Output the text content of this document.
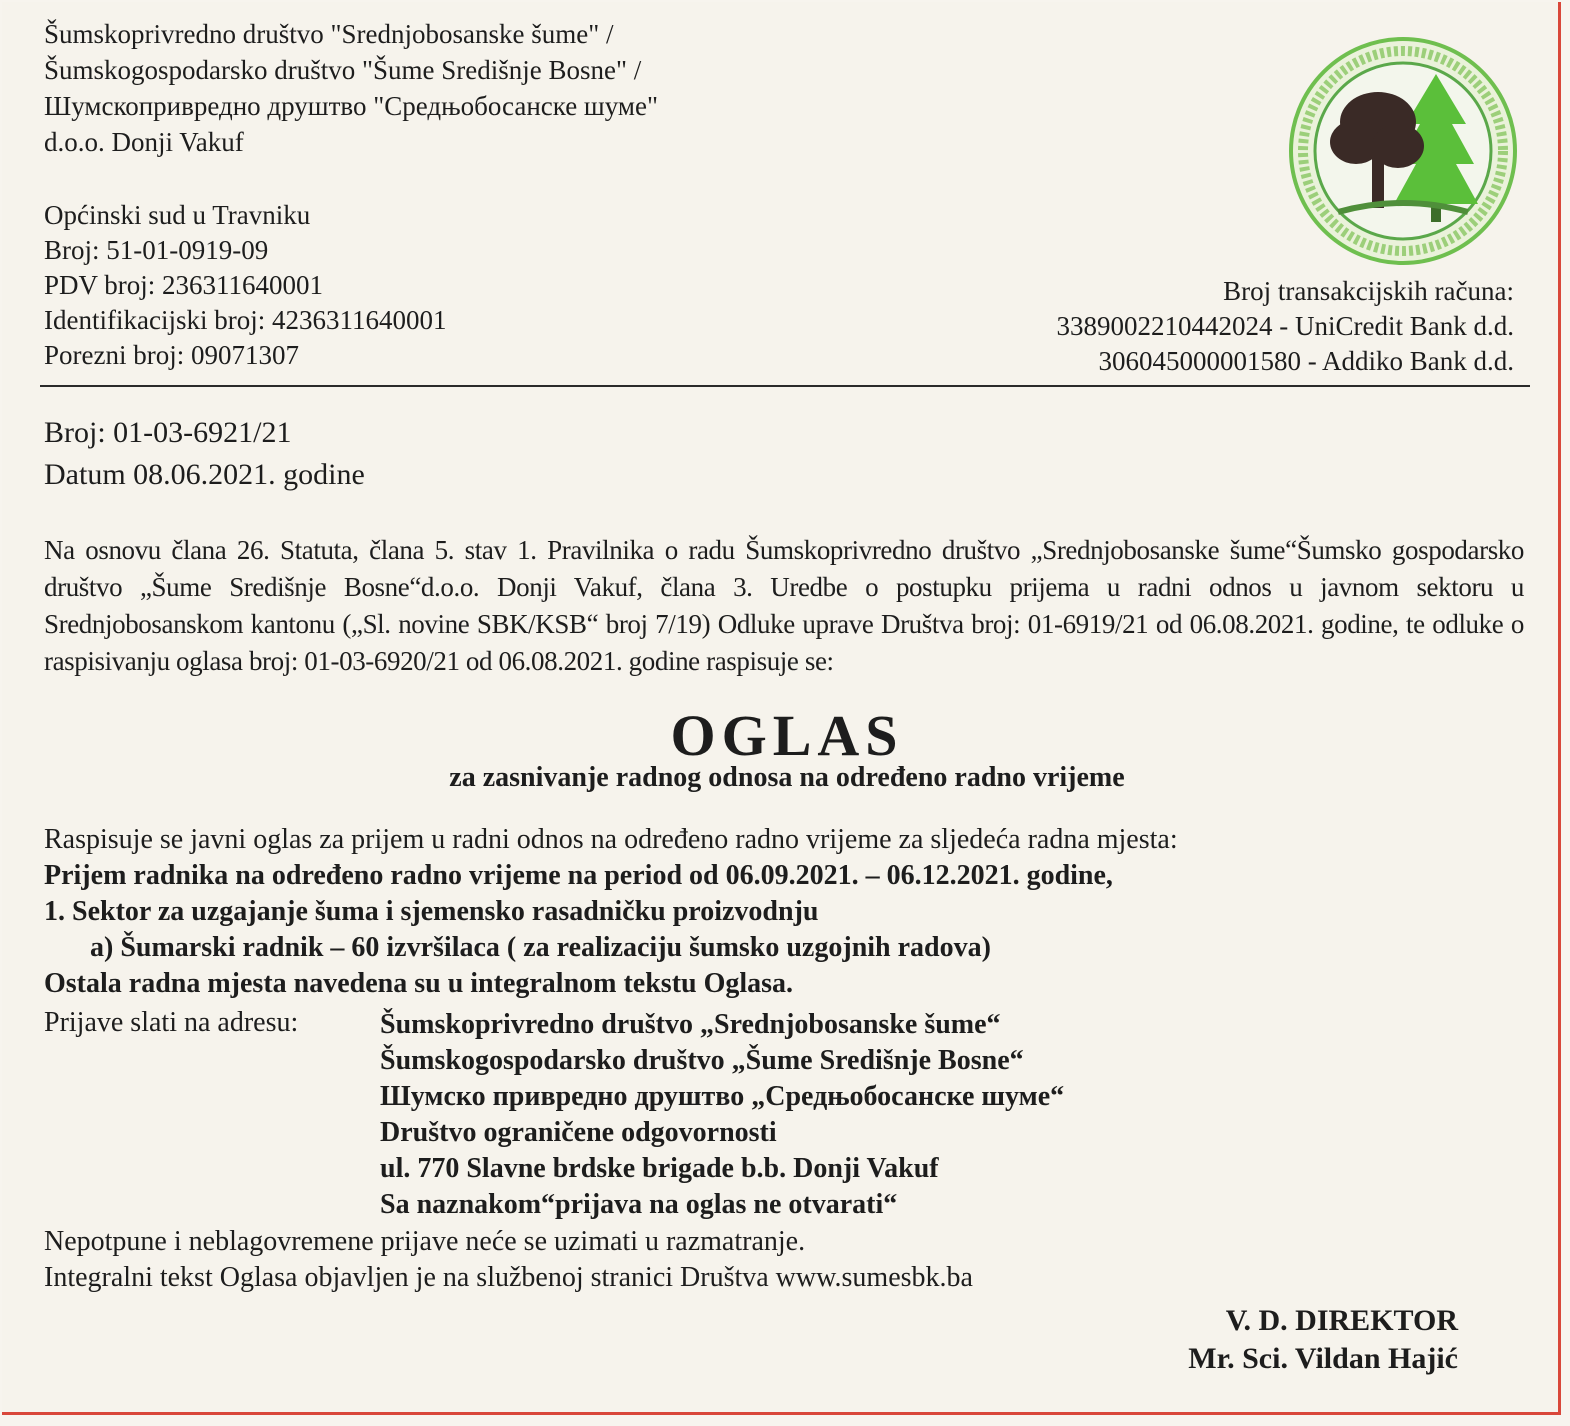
Šumskoprivredno društvo "Srednjobosanske šume" /
Šumskogospodarsko društvo "Šume Središnje Bosne" /
Шумскопривредно друштво "Средњобосанске шуме"
d.o.o. Donji Vakuf
Općinski sud u Travniku
Broj: 51-01-0919-09
PDV broj: 236311640001
Identifikacijski broj: 4236311640001
Porezni broj: 09071307
Broj transakcijskih računa:
3389002210442024 - UniCredit Bank d.d.
306045000001580 - Addiko Bank d.d.
Broj: 01-03-6921/21
Datum 08.06.2021. godine
Na osnovu člana 26. Statuta, člana 5. stav 1. Pravilnika o radu Šumskoprivredno društvo „Srednjobosanske šume“Šumsko gospodarsko društvo „Šume Središnje Bosne“d.o.o. Donji Vakuf, člana 3. Uredbe o postupku prijema u radni odnos u javnom sektoru u Srednjobosanskom kantonu („Sl. novine SBK/KSB“ broj 7/19) Odluke uprave Društva broj: 01-6919/21 od 06.08.2021. godine, te odluke o raspisivanju oglasa broj: 01-03-6920/21 od 06.08.2021. godine raspisuje se:
OGLAS
za zasnivanje radnog odnosa na određeno radno vrijeme
Raspisuje se javni oglas za prijem u radni odnos na određeno radno vrijeme za sljedeća radna mjesta:
Prijem radnika na određeno radno vrijeme na period od 06.09.2021. – 06.12.2021. godine,
1. Sektor za uzgajanje šuma i sjemensko rasadničku proizvodnju
a) Šumarski radnik – 60 izvršilaca ( za realizaciju šumsko uzgojnih radova)
Ostala radna mjesta navedena su u integralnom tekstu Oglasa.
Prijave slati na adresu:	Šumskoprivredno društvo „Srednjobosanske šume“
Šumskogospodarsko društvo „Šume Središnje Bosne“
Шумско привредно друштво „Средњобосанске шуме“
Društvo ograničene odgovornosti
ul. 770 Slavne brdske brigade b.b. Donji Vakuf
Sa naznakom“prijava na oglas ne otvarati“
Nepotpune i neblagovremene prijave neće se uzimati u razmatranje.
Integralni tekst Oglasa objavljen je na službenoj stranici Društva www.sumesbk.ba
V. D. DIREKTOR
Mr. Sci. Vildan Hajić
